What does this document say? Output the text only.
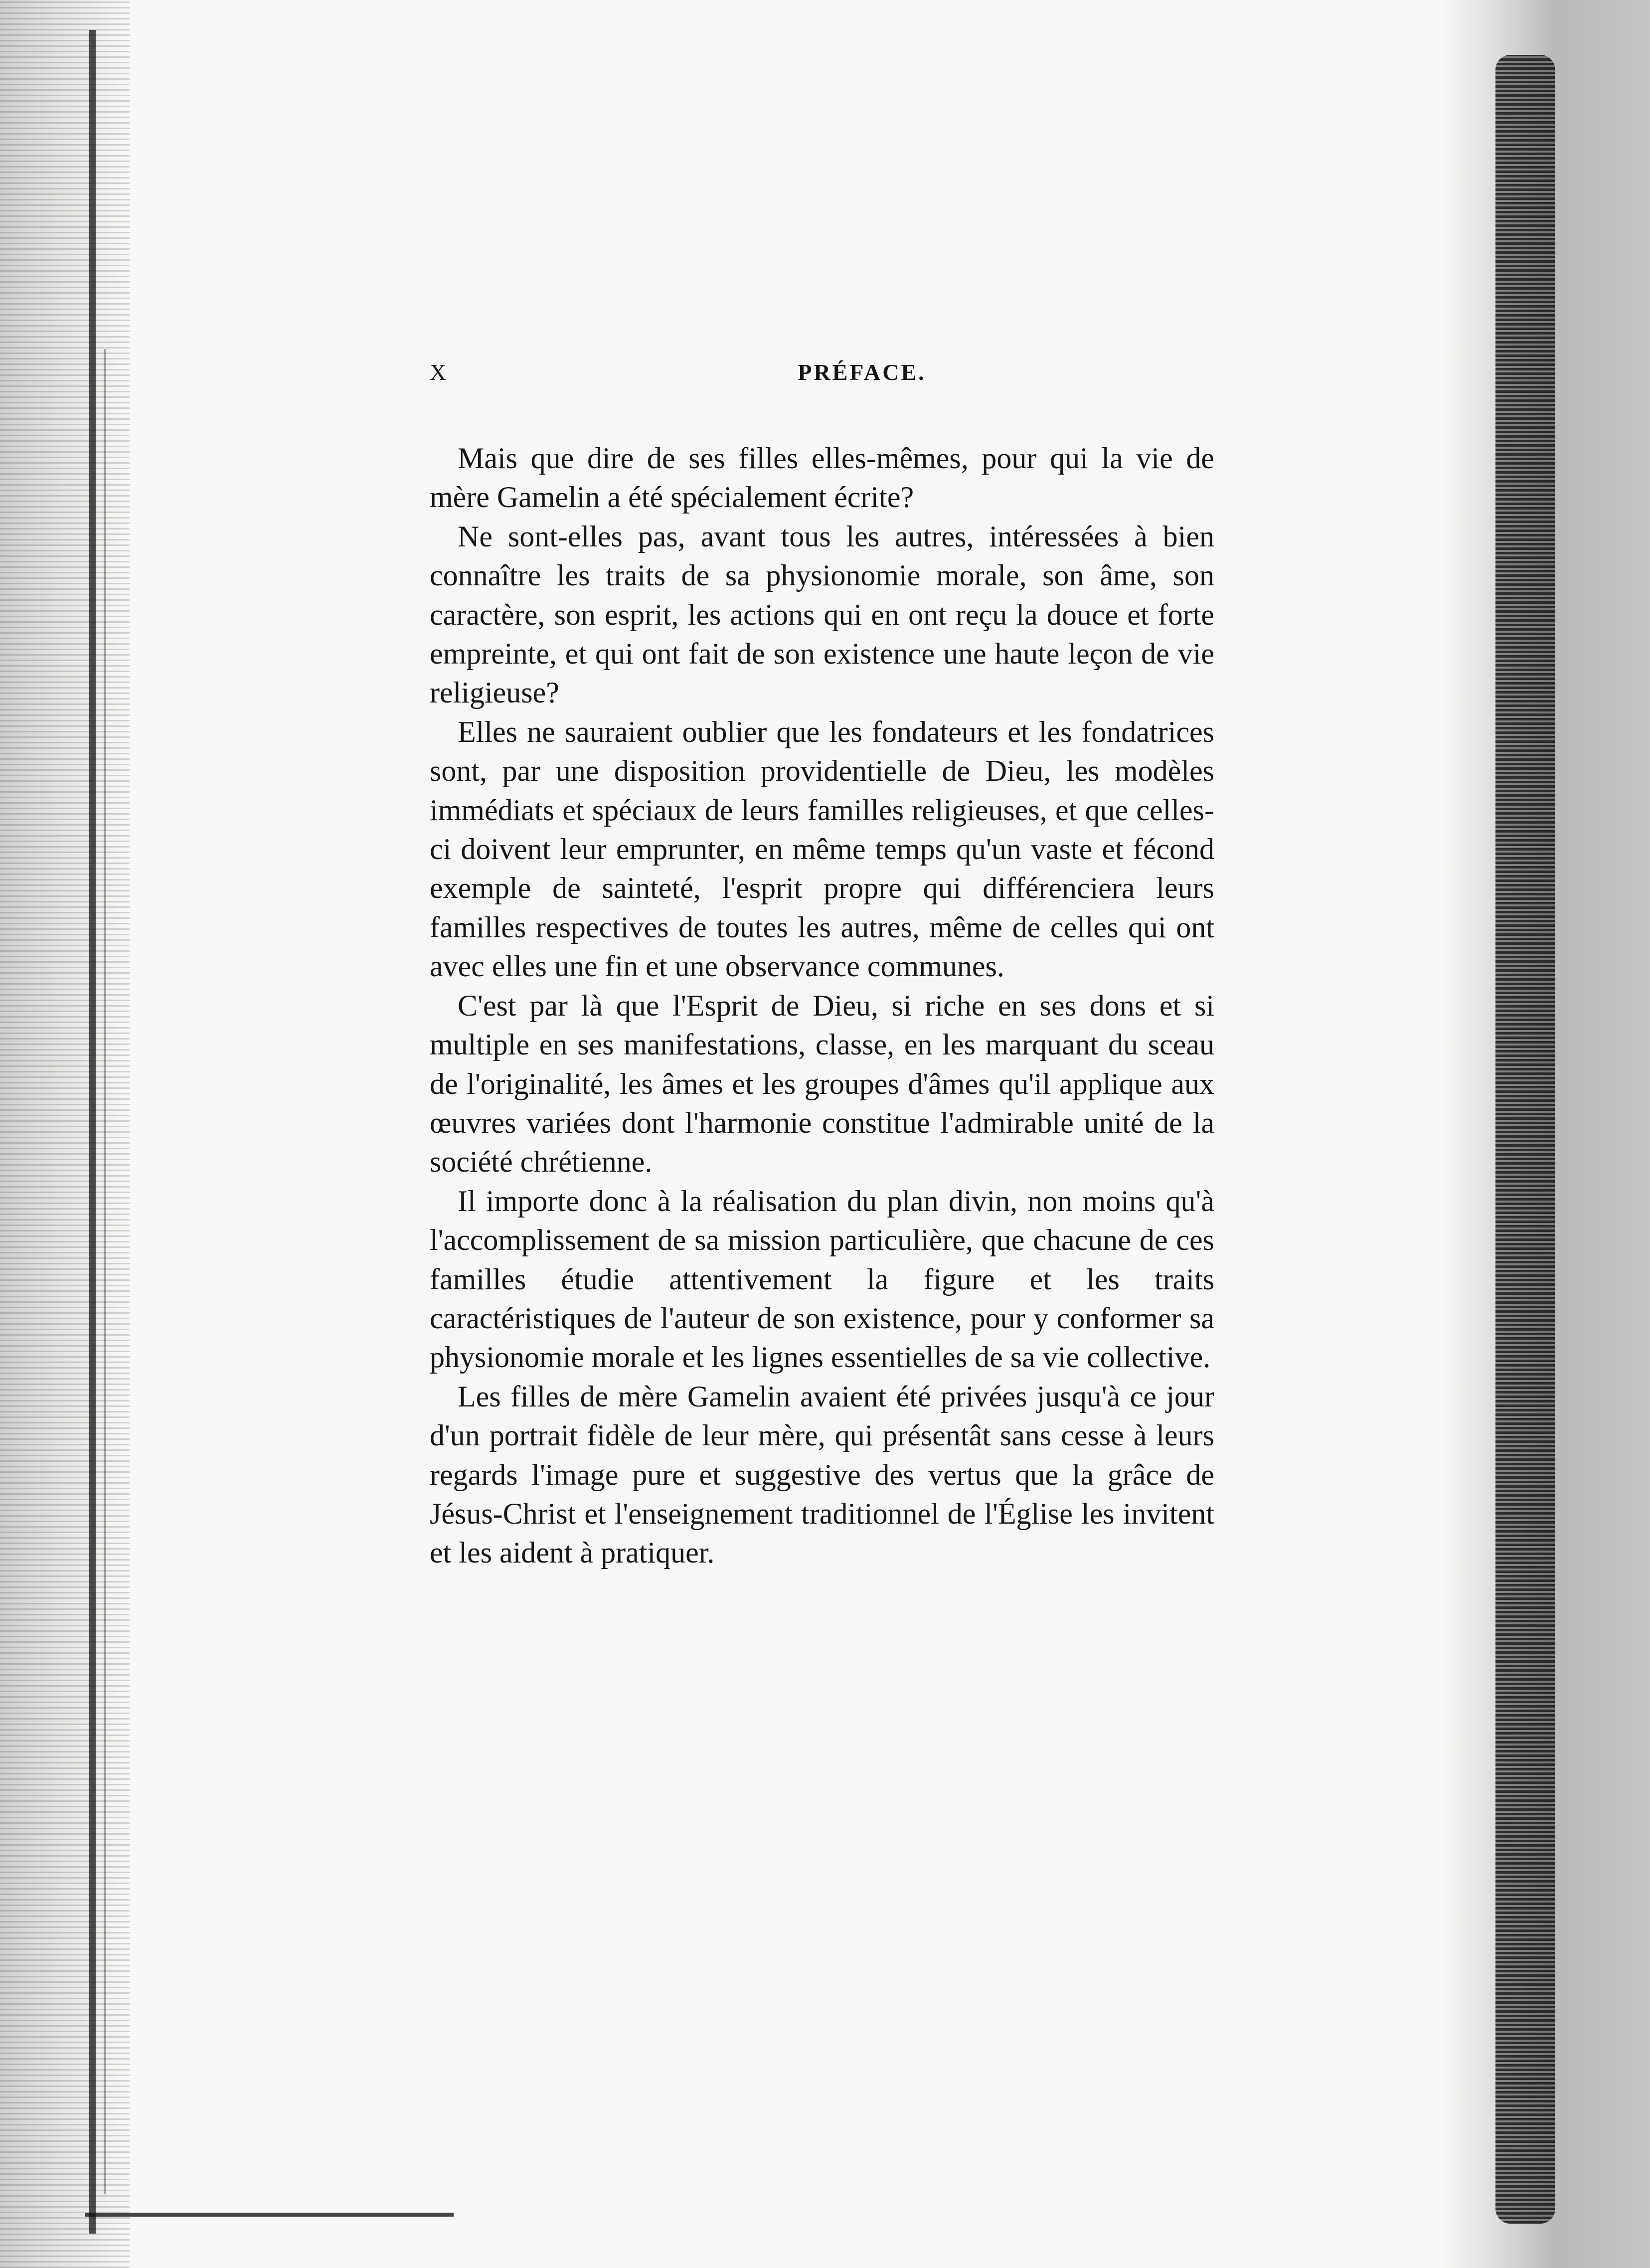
X	PRÉFACE.

Mais que dire de ses filles elles-mêmes, pour qui la vie de mère Gamelin a été spécialement écrite?

Ne sont-elles pas, avant tous les autres, intéressées à bien connaître les traits de sa physionomie morale, son âme, son caractère, son esprit, les actions qui en ont reçu la douce et forte empreinte, et qui ont fait de son existence une haute leçon de vie religieuse?

Elles ne sauraient oublier que les fondateurs et les fondatrices sont, par une disposition providentielle de Dieu, les modèles immédiats et spéciaux de leurs familles religieuses, et que celles-ci doivent leur emprunter, en même temps qu'un vaste et fécond exemple de sainteté, l'esprit propre qui différenciera leurs familles respectives de toutes les autres, même de celles qui ont avec elles une fin et une observance communes.

C'est par là que l'Esprit de Dieu, si riche en ses dons et si multiple en ses manifestations, classe, en les marquant du sceau de l'originalité, les âmes et les groupes d'âmes qu'il applique aux œuvres variées dont l'harmonie constitue l'admirable unité de la société chrétienne.

Il importe donc à la réalisation du plan divin, non moins qu'à l'accomplissement de sa mission particulière, que chacune de ces familles étudie attentivement la figure et les traits caractéristiques de l'auteur de son existence, pour y conformer sa physionomie morale et les lignes essentielles de sa vie collective.

Les filles de mère Gamelin avaient été privées jusqu'à ce jour d'un portrait fidèle de leur mère, qui présentât sans cesse à leurs regards l'image pure et suggestive des vertus que la grâce de Jésus-Christ et l'enseignement traditionnel de l'Église les invitent et les aident à pratiquer.
